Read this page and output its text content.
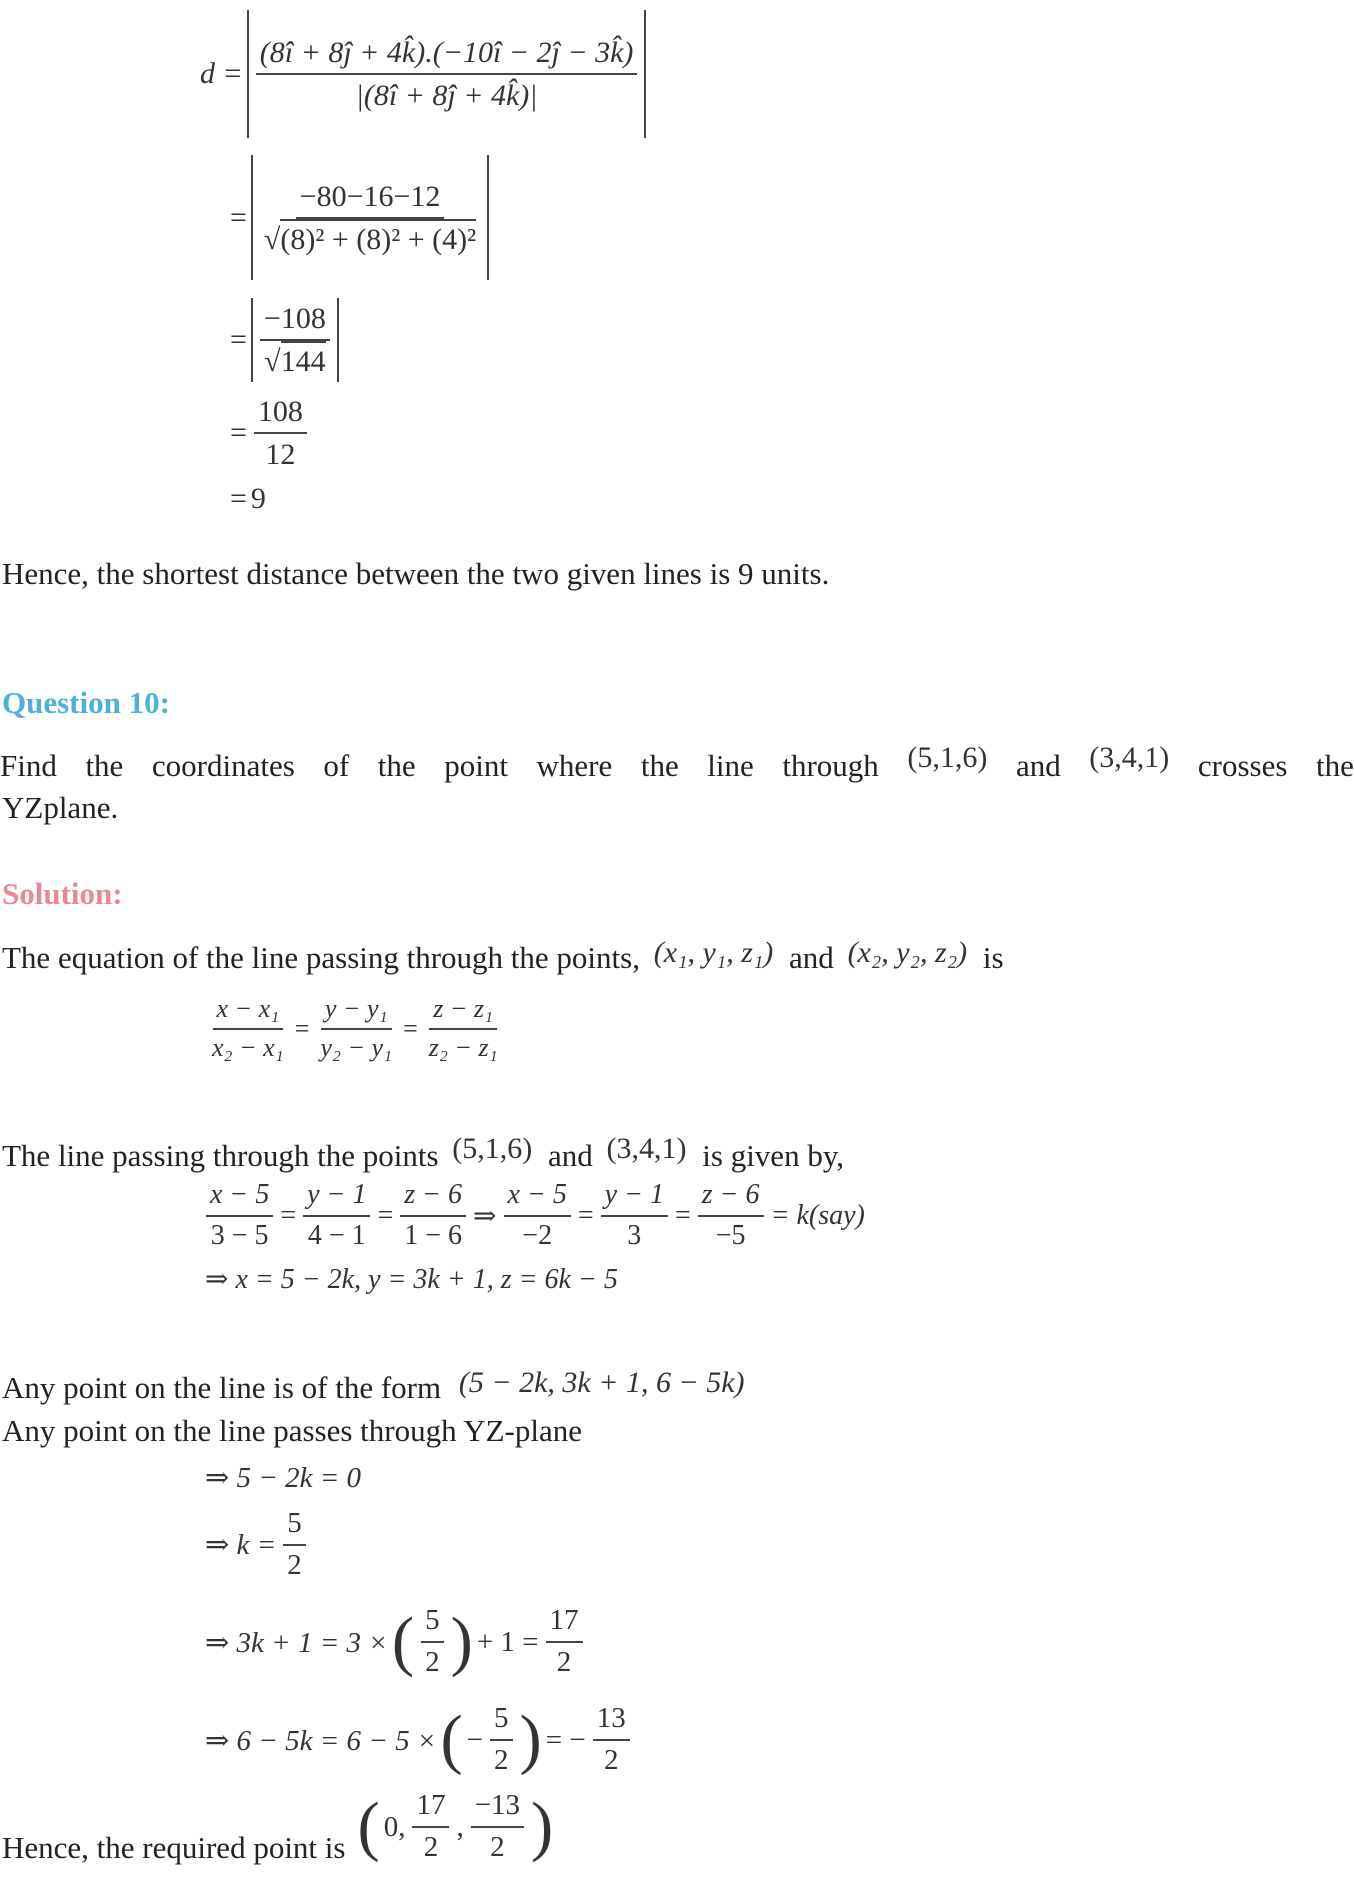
$d = \frac{(8î + 8ĵ + 4k̂).(-10î - 2ĵ - 3k̂)}{|(8î + 8ĵ + 4k̂)|}$
= $\frac{-80-16-12}{\text{√(8)² + (8)² + (4)²}}$
= $\frac{-108}{√144}$
= $\frac{108}{12}$
= 9
Hence, the shortest distance between the two given lines is 9 units.
Question 10:
Find the coordinates of the point where the line through (5,1,6) and (3,4,1) crosses the
YZplane.
Solution:
The equation of the line passing through the points, (x₁, y₁, z₁) and (x₂, y₂, z₂) is
$\frac{\text{x − x₁}}{\text{x₂ − x₁}} = \frac{\text{y − y₁}}{\text{y₂ − y₁}} = \frac{\text{z − z₁}}{\text{z₂ − z₁}}$
The line passing through the points (5,1,6) and (3,4,1) is given by,
$\frac{x - 5}{3 - 5} = \frac{y - 1}{4 - 1} = \frac{z - 6}{1 - 6}$ ⇒ $\frac{x - 5}{-2} = \frac{y - 1}{3} = \frac{z - 6}{-5} = k(say)$
⇒ x = 5 − 2k, y = 3k + 1, z = 6k − 5
Any point on the line is of the form (5 − 2k, 3k + 1, 6 − 5k)
Any point on the line passes through YZ-plane
⇒ 5 − 2k = 0
⇒ $k = \frac{5}{2}$
⇒ 3k + 1 = 3 × ( $\frac{5}{2}$ ) + $1 = \frac{17}{2}$
⇒ 6 − 5k = 6 − 5 × ( − $\frac{5}{2}$ ) = − $\frac{13}{2}$
Hence, the required point is ( 0, $\frac{17}{2}$ , $\frac{-13}{2}$ )
